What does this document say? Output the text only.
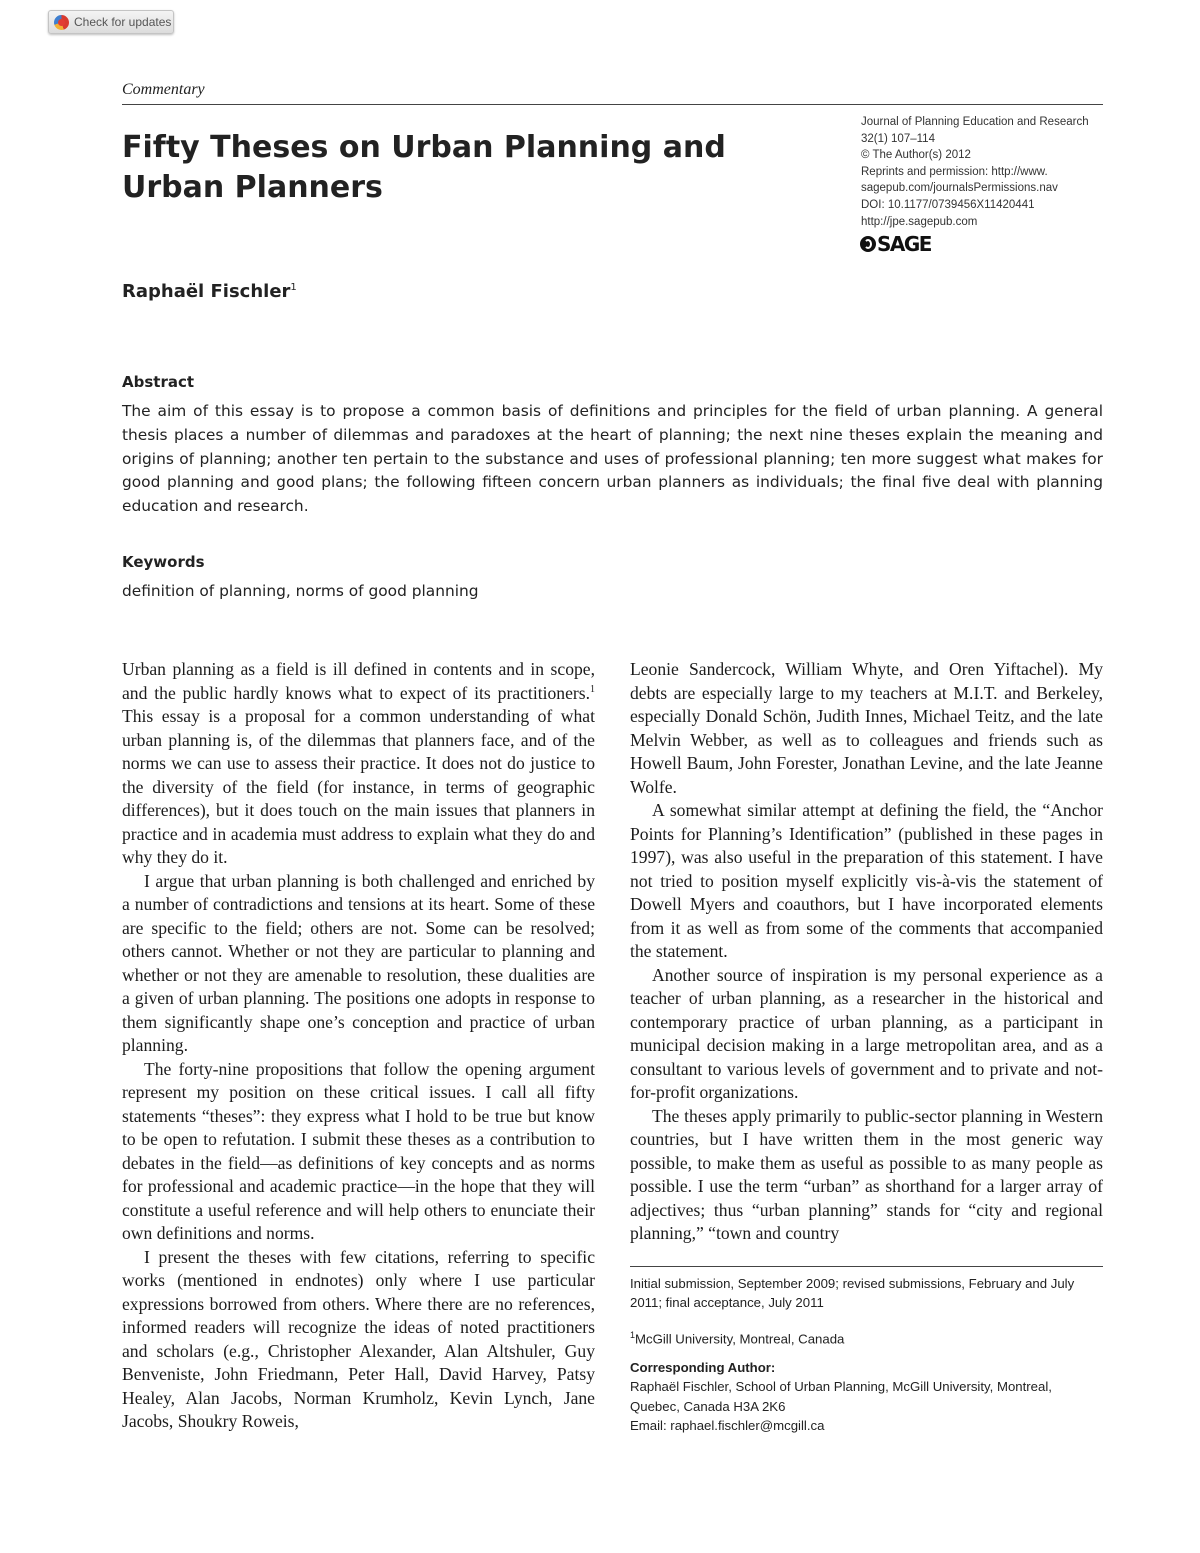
Check for updates
Commentary
Fifty Theses on Urban Planning and
Urban Planners
Journal of Planning Education and Research
32(1) 107–114
© The Author(s) 2012
Reprints and permission: http://www.
sagepub.com/journalsPermissions.nav
DOI: 10.1177/0739456X11420441
http://jpe.sagepub.com
SAGE
Raphaël Fischler$^1$
Abstract

The aim of this essay is to propose a common basis of definitions and principles for the field of urban planning. A general thesis places a number of dilemmas and paradoxes at the heart of planning; the next nine theses explain the meaning and origins of planning; another ten pertain to the substance and uses of professional planning; ten more suggest what makes for good planning and good plans; the following fifteen concern urban planners as individuals; the final five deal with planning education and research.

Keywords
definition of planning, norms of good planning

Urban planning as a field is ill defined in contents and in scope, and the public hardly knows what to expect of its practitioners.$^1$ This essay is a proposal for a common understanding of what urban planning is, of the dilemmas that planners face, and of the norms we can use to assess their practice. It does not do justice to the diversity of the field (for instance, in terms of geographic differences), but it does touch on the main issues that planners in practice and in academia must address to explain what they do and why they do it.

I argue that urban planning is both challenged and enriched by a number of contradictions and tensions at its heart. Some of these are specific to the field; others are not. Some can be resolved; others cannot. Whether or not they are particular to planning and whether or not they are amenable to resolution, these dualities are a given of urban planning. The positions one adopts in response to them significantly shape one’s conception and practice of urban planning.

The forty-nine propositions that follow the opening argument represent my position on these critical issues. I call all fifty statements “theses”: they express what I hold to be true but know to be open to refutation. I submit these theses as a contribution to debates in the field—as definitions of key concepts and as norms for professional and academic practice—in the hope that they will constitute a useful reference and will help others to enunciate their own definitions and norms.

I present the theses with few citations, referring to specific works (mentioned in endnotes) only where I use particular expressions borrowed from others. Where there are no references, informed readers will recognize the ideas of noted practitioners and scholars (e.g., Christopher Alexander, Alan Altshuler, Guy Benveniste, John Friedmann, Peter Hall, David Harvey, Patsy Healey, Alan Jacobs, Norman Krumholz, Kevin Lynch, Jane Jacobs, Shoukry Roweis,

Leonie Sandercock, William Whyte, and Oren Yiftachel). My debts are especially large to my teachers at M.I.T. and Berkeley, especially Donald Schön, Judith Innes, Michael Teitz, and the late Melvin Webber, as well as to colleagues and friends such as Howell Baum, John Forester, Jonathan Levine, and the late Jeanne Wolfe.

A somewhat similar attempt at defining the field, the “Anchor Points for Planning’s Identification” (published in these pages in 1997), was also useful in the preparation of this statement. I have not tried to position myself explicitly vis-à-vis the statement of Dowell Myers and coauthors, but I have incorporated elements from it as well as from some of the comments that accompanied the statement.

Another source of inspiration is my personal experience as a teacher of urban planning, as a researcher in the historical and contemporary practice of urban planning, as a participant in municipal decision making in a large metropolitan area, and as a consultant to various levels of government and to private and not-for-profit organizations.

The theses apply primarily to public-sector planning in Western countries, but I have written them in the most generic way possible, to make them as useful as possible to as many people as possible. I use the term “urban” as shorthand for a larger array of adjectives; thus “urban planning” stands for “city and regional planning,” “town and country

Initial submission, September 2009; revised submissions, February and July 2011; final acceptance, July 2011

$^1$McGill University, Montreal, Canada

Corresponding Author:

Raphaël Fischler, School of Urban Planning, McGill University, Montreal, Quebec, Canada H3A 2K6

Email: raphael.fischler@mcgill.ca
